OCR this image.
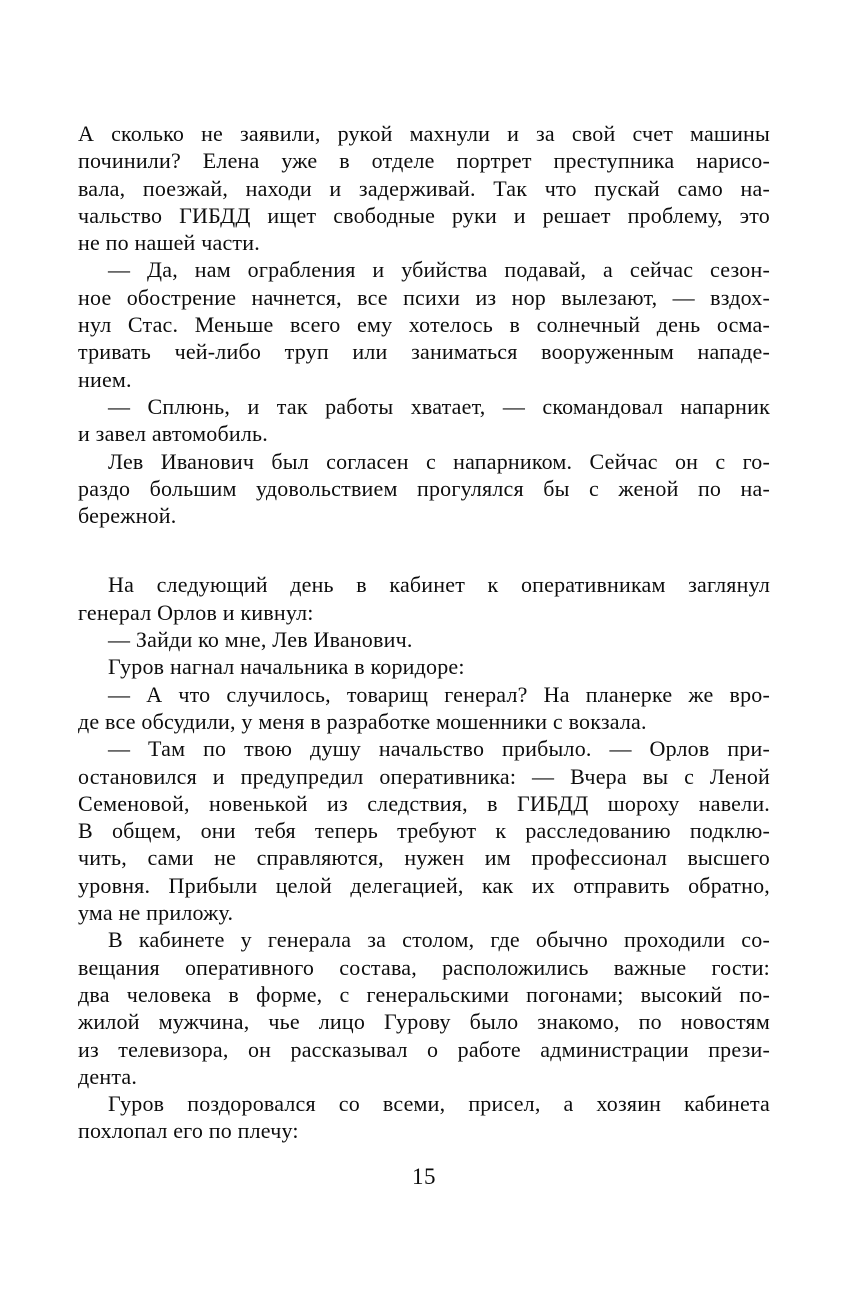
А сколько не заявили, рукой махнули и за свой счет машины
починили? Елена уже в отделе портрет преступника нарисо-
вала, поезжай, находи и задерживай. Так что пускай само на-
чальство ГИБДД ищет свободные руки и решает проблему, это
не по нашей части.
— Да, нам ограбления и убийства подавай, а сейчас сезон-
ное обострение начнется, все психи из нор вылезают, — вздох-
нул Стас. Меньше всего ему хотелось в солнечный день осма-
тривать чей-либо труп или заниматься вооруженным нападе-
нием.
— Сплюнь, и так работы хватает, — скомандовал напарник
и завел автомобиль.
Лев Иванович был согласен с напарником. Сейчас он с го-
раздо большим удовольствием прогулялся бы с женой по на-
бережной.
На следующий день в кабинет к оперативникам заглянул
генерал Орлов и кивнул:
— Зайди ко мне, Лев Иванович.
Гуров нагнал начальника в коридоре:
— А что случилось, товарищ генерал? На планерке же вро-
де все обсудили, у меня в разработке мошенники с вокзала.
— Там по твою душу начальство прибыло. — Орлов при-
остановился и предупредил оперативника: — Вчера вы с Леной
Семеновой, новенькой из следствия, в ГИБДД шороху навели.
В общем, они тебя теперь требуют к расследованию подклю-
чить, сами не справляются, нужен им профессионал высшего
уровня. Прибыли целой делегацией, как их отправить обратно,
ума не приложу.
В кабинете у генерала за столом, где обычно проходили со-
вещания оперативного состава, расположились важные гости:
два человека в форме, с генеральскими погонами; высокий по-
жилой мужчина, чье лицо Гурову было знакомо, по новостям
из телевизора, он рассказывал о работе администрации прези-
дента.
Гуров поздоровался со всеми, присел, а хозяин кабинета
похлопал его по плечу:
15
